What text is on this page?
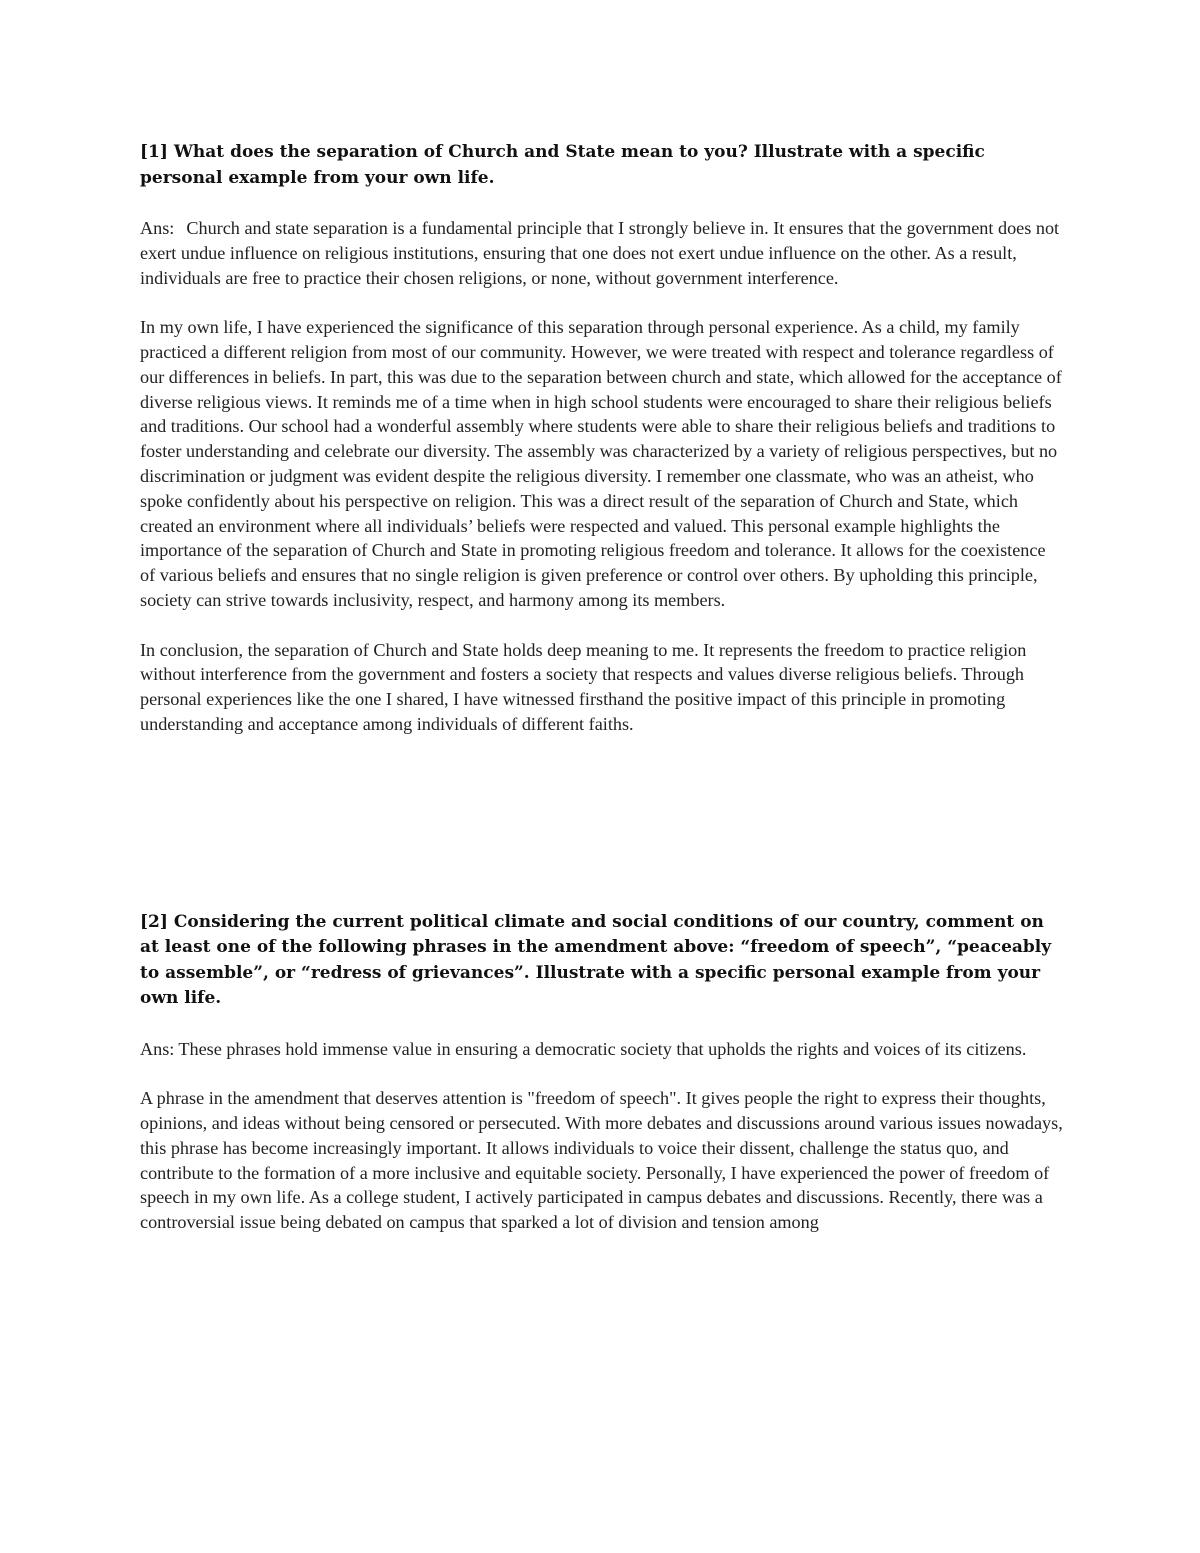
[1] What does the separation of Church and State mean to you? Illustrate with a specific personal example from your own life.

Ans: Church and state separation is a fundamental principle that I strongly believe in. It ensures that the government does not exert undue influence on religious institutions, ensuring that one does not exert undue influence on the other. As a result, individuals are free to practice their chosen religions, or none, without government interference.

In my own life, I have experienced the significance of this separation through personal experience. As a child, my family practiced a different religion from most of our community. However, we were treated with respect and tolerance regardless of our differences in beliefs. In part, this was due to the separation between church and state, which allowed for the acceptance of diverse religious views. It reminds me of a time when in high school students were encouraged to share their religious beliefs and traditions. Our school had a wonderful assembly where students were able to share their religious beliefs and traditions to foster understanding and celebrate our diversity. The assembly was characterized by a variety of religious perspectives, but no discrimination or judgment was evident despite the religious diversity. I remember one classmate, who was an atheist, who spoke confidently about his perspective on religion. This was a direct result of the separation of Church and State, which created an environment where all individuals’ beliefs were respected and valued. This personal example highlights the importance of the separation of Church and State in promoting religious freedom and tolerance. It allows for the coexistence of various beliefs and ensures that no single religion is given preference or control over others. By upholding this principle, society can strive towards inclusivity, respect, and harmony among its members.

In conclusion, the separation of Church and State holds deep meaning to me. It represents the freedom to practice religion without interference from the government and fosters a society that respects and values diverse religious beliefs. Through personal experiences like the one I shared, I have witnessed firsthand the positive impact of this principle in promoting understanding and acceptance among individuals of different faiths.

[2] Considering the current political climate and social conditions of our country, comment on at least one of the following phrases in the amendment above: “freedom of speech”, “peaceably to assemble”, or “redress of grievances”. Illustrate with a specific personal example from your own life.

Ans: These phrases hold immense value in ensuring a democratic society that upholds the rights and voices of its citizens.

A phrase in the amendment that deserves attention is "freedom of speech". It gives people the right to express their thoughts, opinions, and ideas without being censored or persecuted. With more debates and discussions around various issues nowadays, this phrase has become increasingly important. It allows individuals to voice their dissent, challenge the status quo, and contribute to the formation of a more inclusive and equitable society. Personally, I have experienced the power of freedom of speech in my own life. As a college student, I actively participated in campus debates and discussions. Recently, there was a controversial issue being debated on campus that sparked a lot of division and tension among
